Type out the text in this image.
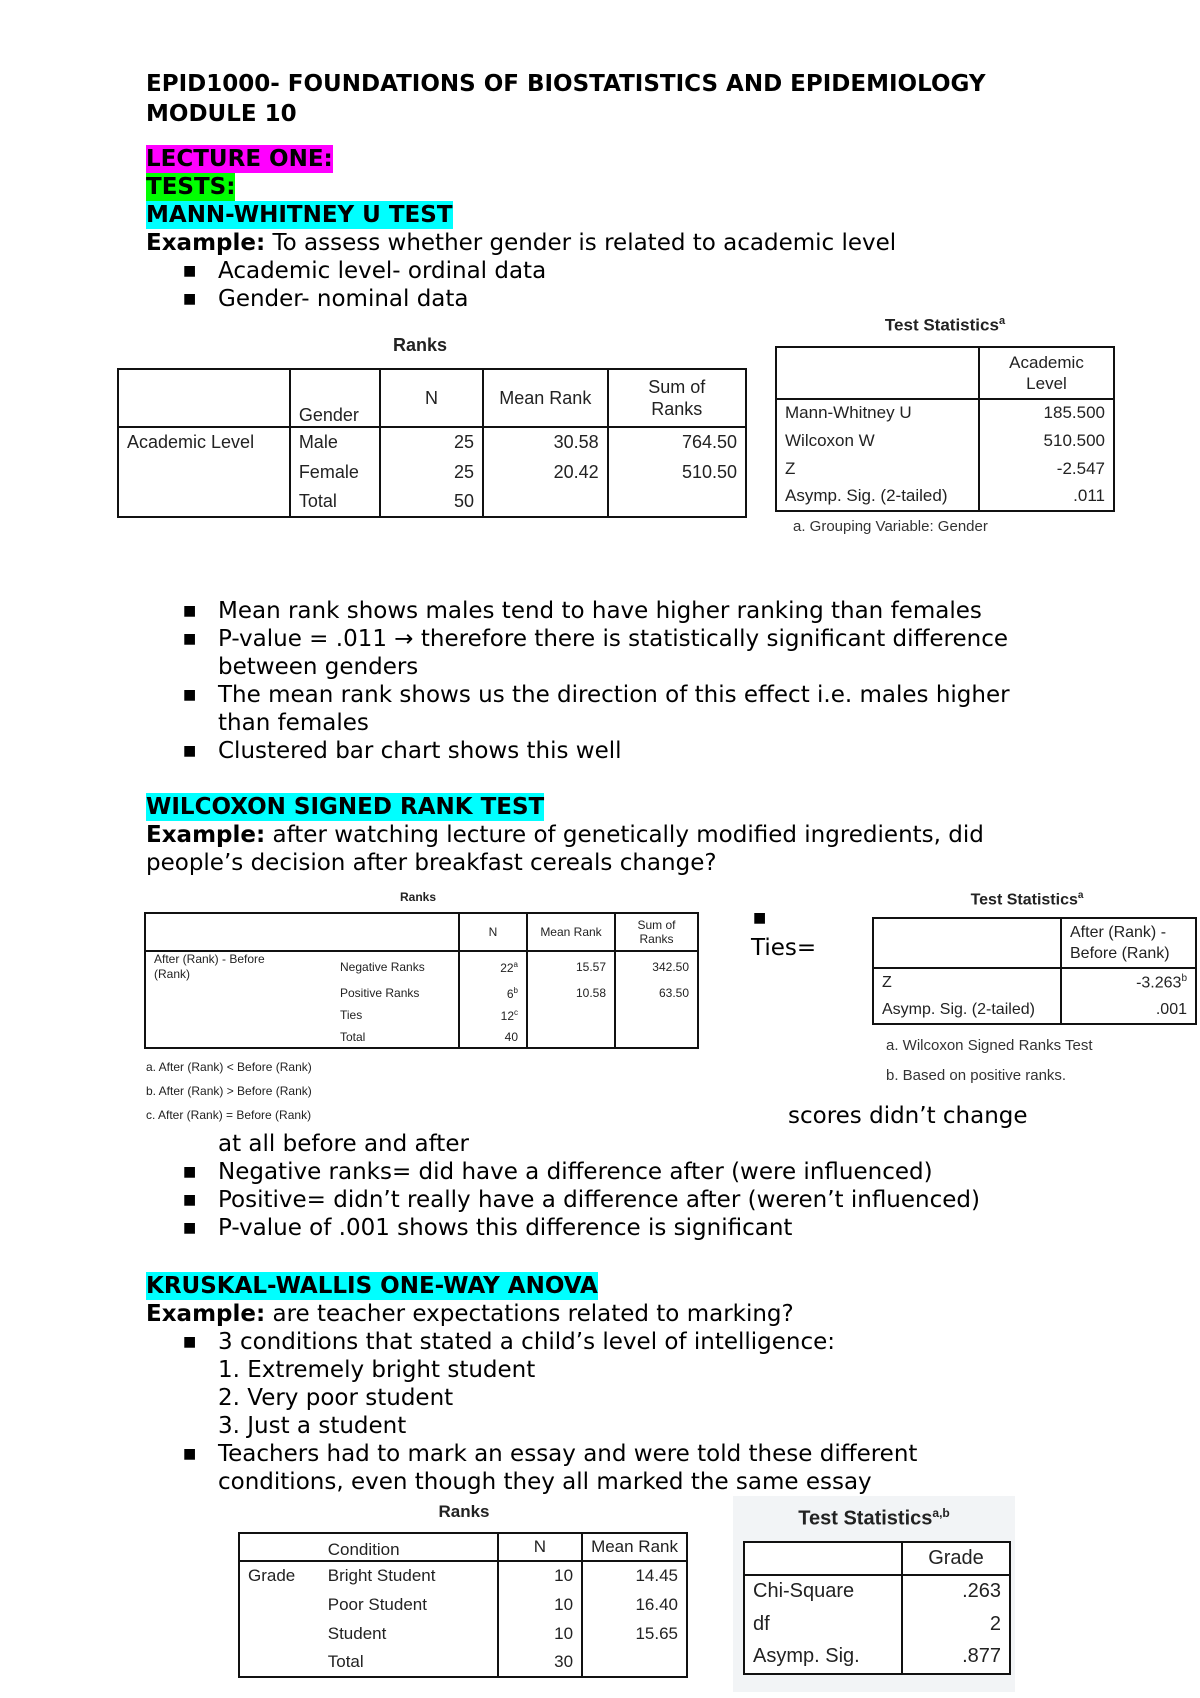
EPID1000- FOUNDATIONS OF BIOSTATISTICS AND EPIDEMIOLOGY
MODULE 10
LECTURE ONE:
TESTS:
MANN-WHITNEY U TEST
Example: To assess whether gender is related to academic level
■ Academic level- ordinal data
■ Gender- nominal data
Ranks
	Gender	N	Mean Rank	Sum of
Ranks
Academic Level	Male	25	30.58	764.50
	Female	25	20.42	510.50
	Total	50		
Test Statistics$^a$
	Academic
Level
Mann-Whitney U	185.500
Wilcoxon W	510.500
Z	-2.547
Asymp. Sig. (2-tailed)	.011
a. Grouping Variable: Gender
■ Mean rank shows males tend to have higher ranking than females
■ P-value = .011 → therefore there is statistically significant difference
between genders
■ The mean rank shows us the direction of this effect i.e. males higher
than females
■ Clustered bar chart shows this well
WILCOXON SIGNED RANK TEST
Example: after watching lecture of genetically modified ingredients, did
people’s decision after breakfast cereals change?
Ranks
		N	Mean Rank	Sum of
Ranks
After (Rank) - Before
(Rank)	Negative Ranks	22$^a$	15.57	342.50
	Positive Ranks	6$^b$	10.58	63.50
	Ties	12$^c$		
	Total	40		
a. After (Rank) < Before (Rank)
b. After (Rank) > Before (Rank)
c. After (Rank) = Before (Rank)
■
Ties=
Test Statistics$^a$
	After (Rank) -
Before (Rank)
Z	-3.263$^b$
Asymp. Sig. (2-tailed)	.001
a. Wilcoxon Signed Ranks Test
b. Based on positive ranks.
scores didn’t change
at all before and after
■ Negative ranks= did have a difference after (were influenced)
■ Positive= didn’t really have a difference after (weren’t influenced)
■ P-value of .001 shows this difference is significant
KRUSKAL-WALLIS ONE-WAY ANOVA
Example: are teacher expectations related to marking?
■ 3 conditions that stated a child’s level of intelligence:
1. Extremely bright student
2. Very poor student
3. Just a student
■ Teachers had to mark an essay and were told these different
conditions, even though they all marked the same essay
Ranks
	Condition	N	Mean Rank
Grade	Bright Student	10	14.45
	Poor Student	10	16.40
	Student	10	15.65
	Total	30	
Test Statistics$^{a,b}$
	Grade
Chi-Square	.263
df	2
Asymp. Sig.	.877
